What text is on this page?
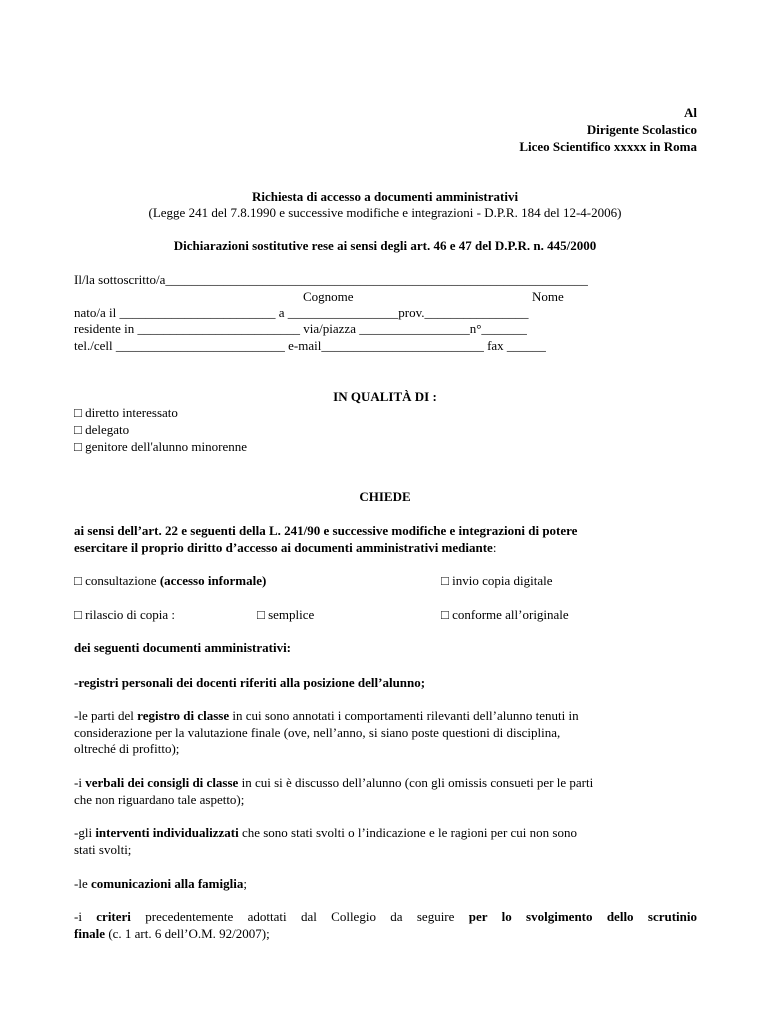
Al
Dirigente Scolastico
Liceo Scientifico xxxxx in Roma
Richiesta di accesso a documenti amministrativi
(Legge 241 del 7.8.1990 e successive modifiche e integrazioni - D.P.R. 184 del 12-4-2006)
Dichiarazioni sostitutive rese ai sensi degli art. 46 e 47 del D.P.R. n. 445/2000
Il/la sottoscritto/a_________________________________________________________________
Cognome	Nome
nato/a il ________________________ a _________________prov.________________
residente in _________________________ via/piazza _________________n°_______
tel./cell __________________________ e-mail_________________________ fax ______
IN QUALITÀ DI :
□ diretto interessato
□ delegato
□ genitore dell'alunno minorenne
CHIEDE
ai sensi dell’art. 22 e seguenti della L. 241/90 e successive modifiche e integrazioni di potere
esercitare il proprio diritto d’accesso ai documenti amministrativi mediante:
□ consultazione (accesso informale)	□ invio copia digitale
□ rilascio di copia :	□ semplice	□ conforme all’originale
dei seguenti documenti amministrativi:
-registri personali dei docenti riferiti alla posizione dell’alunno;
-le parti del registro di classe in cui sono annotati i comportamenti rilevanti dell’alunno tenuti in
considerazione per la valutazione finale (ove, nell’anno, si siano poste questioni di disciplina,
oltreché di profitto);
-i verbali dei consigli di classe in cui si è discusso dell’alunno (con gli omissis consueti per le parti
che non riguardano tale aspetto);
-gli interventi individualizzati che sono stati svolti o l’indicazione e le ragioni per cui non sono
stati svolti;
-le comunicazioni alla famiglia;
-i criteri precedentemente adottati dal Collegio da seguire per lo svolgimento dello scrutinio
finale (c. 1 art. 6 dell’O.M. 92/2007);
